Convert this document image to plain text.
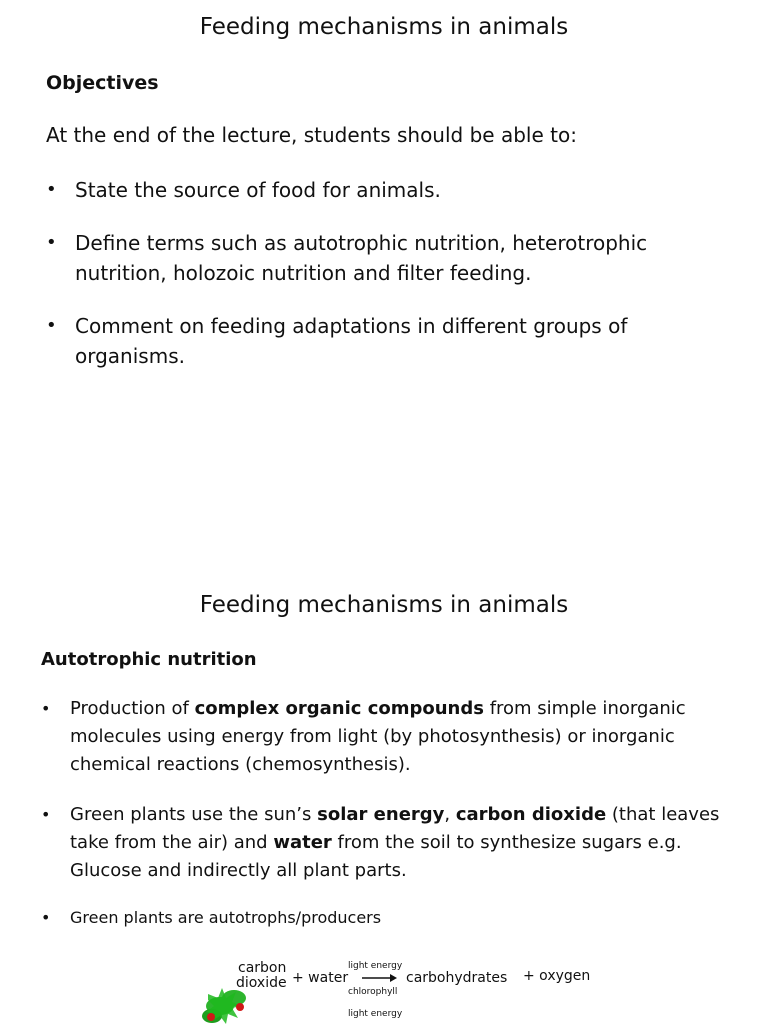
Feeding mechanisms in animals
Objectives
At the end of the lecture, students should be able to:
• State the source of food for animals.
• Define terms such as autotrophic nutrition, heterotrophic nutrition, holozoic nutrition and filter feeding.
• Comment on feeding adaptations in different groups of organisms.
Feeding mechanisms in animals
Autotrophic nutrition
• Production of complex organic compounds from simple inorganic molecules using energy from light (by photosynthesis) or inorganic chemical reactions (chemosynthesis).
• Green plants use the sun’s solar energy, carbon dioxide (that leaves take from the air) and water from the soil to synthesize sugars e.g. Glucose and indirectly all plant parts.
• Green plants are autotrophs/producers
carbon
dioxide + water
light energy
chlorophyll
carbohydrates + oxygen
light energy
